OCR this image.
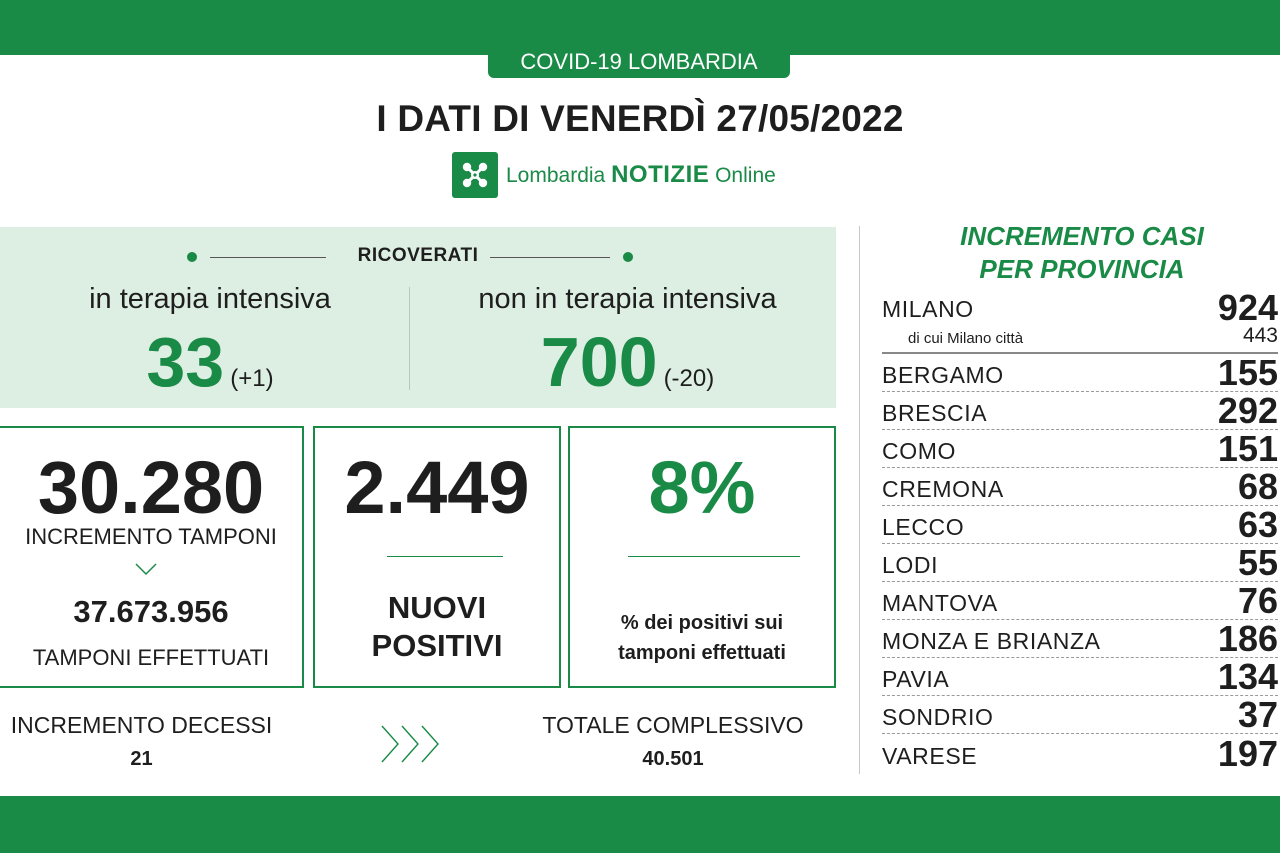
COVID-19 LOMBARDIA
I DATI DI VENERDÌ 27/05/2022
Lombardia NOTIZIE Online
RICOVERATI
in terapia intensiva
33 (+1)
non in terapia intensiva
700 (-20)
30.280
INCREMENTO TAMPONI
37.673.956
TAMPONI EFFETTUATI
2.449
NUOVI
POSITIVI
8%
% dei positivi sui
tamponi effettuati
INCREMENTO DECESSI
21
TOTALE COMPLESSIVO
40.501
INCREMENTO CASI
PER PROVINCIA
MILANO	924
di cui Milano città	443
BERGAMO	155
BRESCIA	292
COMO	151
CREMONA	68
LECCO	63
LODI	55
MANTOVA	76
MONZA E BRIANZA	186
PAVIA	134
SONDRIO	37
VARESE	197
